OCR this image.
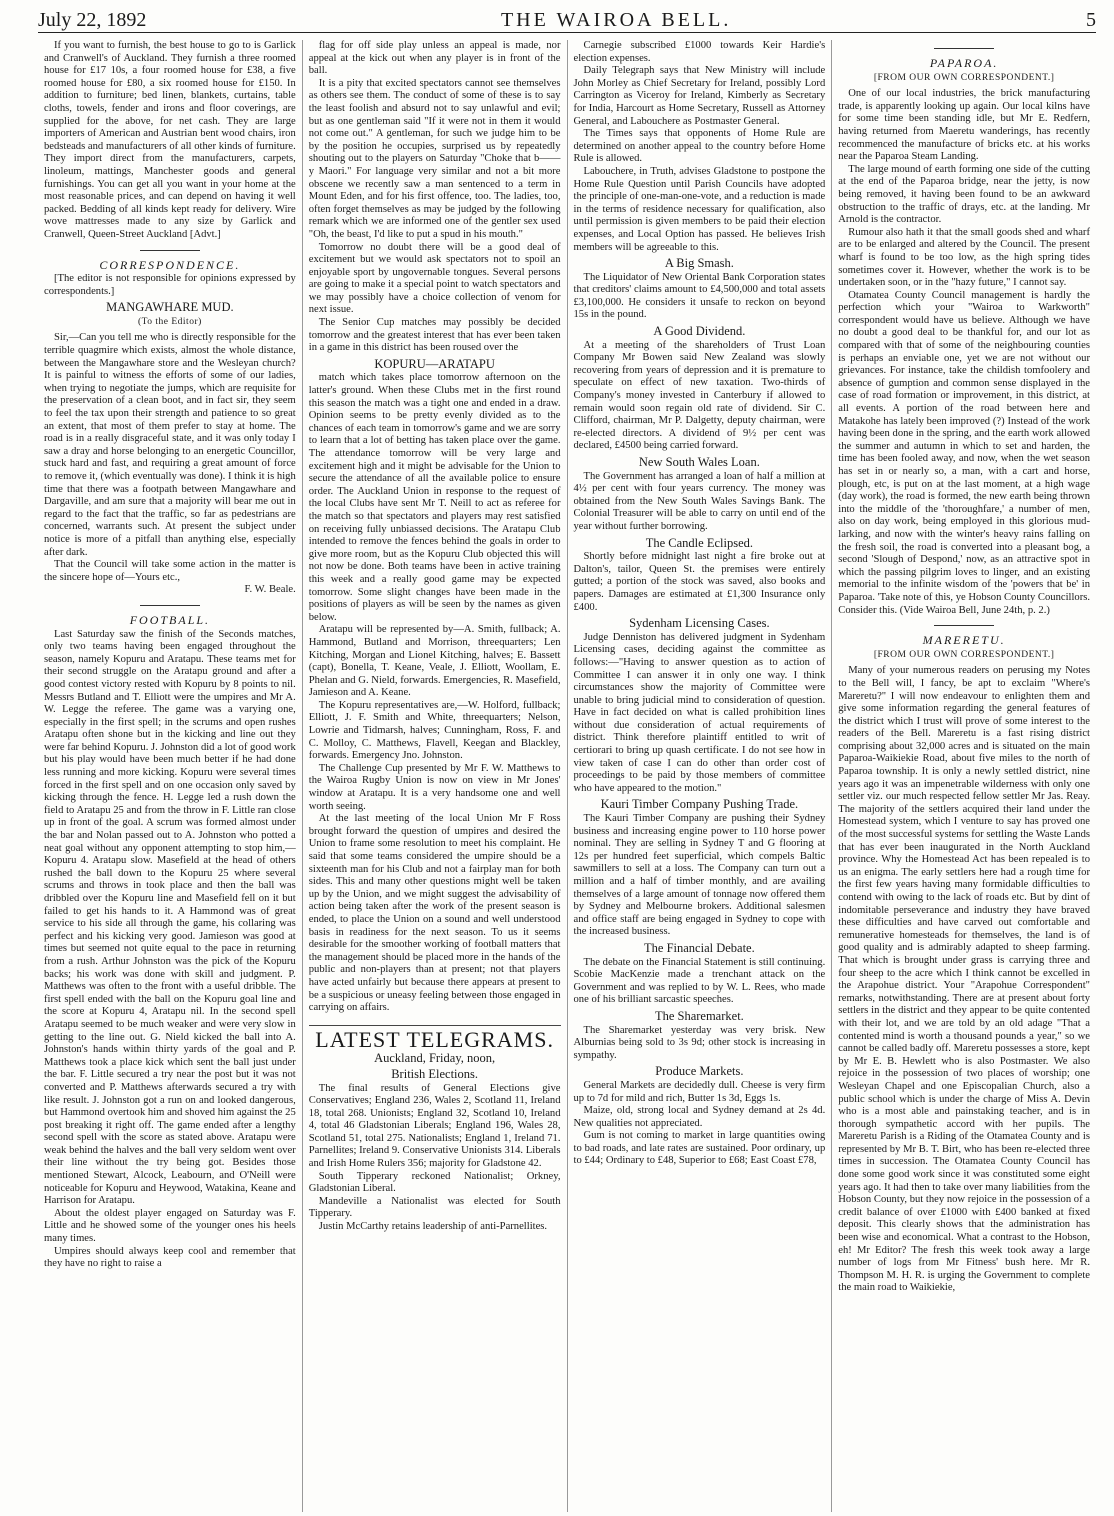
July 22, 1892	THE WAIROA BELL.	5
If you want to furnish, the best house to go to is Garlick and Cranwell's of Auckland. They furnish a three roomed house for £17 10s, a four roomed house for £38, a five roomed house for £80, a six roomed house for £150. In addition to furniture; bed linen, blankets, curtains, table cloths, towels, fender and irons and floor coverings, are supplied for the above, for net cash. They are large importers of American and Austrian bent wood chairs, iron bedsteads and manufacturers of all other kinds of furniture. They import direct from the manufacturers, carpets, linoleum, mattings, Manchester goods and general furnishings. You can get all you want in your home at the most reasonable prices, and can depend on having it well packed. Bedding of all kinds kept ready for delivery. Wire wove mattresses made to any size by Garlick and Cranwell, Queen-Street Auckland [Advt.]
CORRESPONDENCE.
[The editor is not responsible for opinions expressed by correspondents.]
MANGAWHARE MUD.
(To the Editor)
Sir,—Can you tell me who is directly responsible for the terrible quagmire which exists, almost the whole distance, between the Mangawhare store and the Wesleyan church? It is painful to witness the efforts of some of our ladies, when trying to negotiate the jumps, which are requisite for the preservation of a clean boot, and in fact sir, they seem to feel the tax upon their strength and patience to so great an extent, that most of them prefer to stay at home. The road is in a really disgraceful state, and it was only today I saw a dray and horse belonging to an energetic Councillor, stuck hard and fast, and requiring a great amount of force to remove it, (which eventually was done). I think it is high time that there was a footpath between Mangawhare and Dargaville, and am sure that a majority will bear me out in regard to the fact that the traffic, so far as pedestrians are concerned, warrants such. At present the subject under notice is more of a pitfall than anything else, especially after dark.
That the Council will take some action in the matter is the sincere hope of—Yours etc.,
F. W. Beale.
FOOTBALL.
Last Saturday saw the finish of the Seconds matches, only two teams having been engaged throughout the season, namely Kopuru and Aratapu. These teams met for their second struggle on the Aratapu ground and after a good contest victory rested with Kopuru by 8 points to nil. Messrs Butland and T. Elliott were the umpires and Mr A. W. Legge the referee. The game was a varying one, especially in the first spell; in the scrums and open rushes Aratapu often shone but in the kicking and line out they were far behind Kopuru. J. Johnston did a lot of good work but his play would have been much better if he had done less running and more kicking. Kopuru were several times forced in the first spell and on one occasion only saved by kicking through the fence. H. Legge led a rush down the field to Aratapu 25 and from the throw in F. Little ran close up in front of the goal. A scrum was formed almost under the bar and Nolan passed out to A. Johnston who potted a neat goal without any opponent attempting to stop him,—Kopuru 4. Aratapu slow. Masefield at the head of others rushed the ball down to the Kopuru 25 where several scrums and throws in took place and then the ball was dribbled over the Kopuru line and Masefield fell on it but failed to get his hands to it. A Hammond was of great service to his side all through the game, his collaring was perfect and his kicking very good. Jamieson was good at times but seemed not quite equal to the pace in returning from a rush. Arthur Johnston was the pick of the Kopuru backs; his work was done with skill and judgment. P. Matthews was often to the front with a useful dribble. The first spell ended with the ball on the Kopuru goal line and the score at Kopuru 4, Aratapu nil. In the second spell Aratapu seemed to be much weaker and were very slow in getting to the line out. G. Nield kicked the ball into A. Johnston's hands within thirty yards of the goal and P. Matthews took a place kick which sent the ball just under the bar. F. Little secured a try near the post but it was not converted and P. Matthews afterwards secured a try with like result. J. Johnston got a run on and looked dangerous, but Hammond overtook him and shoved him against the 25 post breaking it right off. The game ended after a lengthy second spell with the score as stated above. Aratapu were weak behind the halves and the ball very seldom went over their line without the try being got. Besides those mentioned Stewart, Alcock, Leabourn, and O'Neill were noticeable for Kopuru and Heywood, Watakina, Keane and Harrison for Aratapu.
About the oldest player engaged on Saturday was F. Little and he showed some of the younger ones his heels many times.
Umpires should always keep cool and remember that they have no right to raise a
flag for off side play unless an appeal is made, nor appeal at the kick out when any player is in front of the ball.
It is a pity that excited spectators cannot see themselves as others see them. The conduct of some of these is to say the least foolish and absurd not to say unlawful and evil; but as one gentleman said "If it were not in them it would not come out." A gentleman, for such we judge him to be by the position he occupies, surprised us by repeatedly shouting out to the players on Saturday "Choke that b——y Maori." For language very similar and not a bit more obscene we recently saw a man sentenced to a term in Mount Eden, and for his first offence, too. The ladies, too, often forget themselves as may be judged by the following remark which we are informed one of the gentler sex used "Oh, the beast, I'd like to put a spud in his mouth."
Tomorrow no doubt there will be a good deal of excitement but we would ask spectators not to spoil an enjoyable sport by ungovernable tongues. Several persons are going to make it a special point to watch spectators and we may possibly have a choice collection of venom for next issue.
The Senior Cup matches may possibly be decided tomorrow and the greatest interest that has ever been taken in a game in this district has been roused over the
KOPURU—ARATAPU
match which takes place tomorrow afternoon on the latter's ground. When these Clubs met in the first round this season the match was a tight one and ended in a draw. Opinion seems to be pretty evenly divided as to the chances of each team in tomorrow's game and we are sorry to learn that a lot of betting has taken place over the game. The attendance tomorrow will be very large and excitement high and it might be advisable for the Union to secure the attendance of all the available police to ensure order. The Auckland Union in response to the request of the local Clubs have sent Mr T. Neill to act as referee for the match so that spectators and players may rest satisfied on receiving fully unbiassed decisions. The Aratapu Club intended to remove the fences behind the goals in order to give more room, but as the Kopuru Club objected this will not now be done. Both teams have been in active training this week and a really good game may be expected tomorrow. Some slight changes have been made in the positions of players as will be seen by the names as given below.
Aratapu will be represented by—A. Smith, fullback; A. Hammond, Butland and Morrison, threequarters; Len Kitching, Morgan and Lionel Kitching, halves; E. Bassett (capt), Bonella, T. Keane, Veale, J. Elliott, Woollam, E. Phelan and G. Nield, forwards. Emergencies, R. Masefield, Jamieson and A. Keane.
The Kopuru representatives are,—W. Holford, fullback; Elliott, J. F. Smith and White, threequarters; Nelson, Lowrie and Tidmarsh, halves; Cunningham, Ross, F. and C. Molloy, C. Matthews, Flavell, Keegan and Blackley, forwards. Emergency Jno. Johnston.
The Challenge Cup presented by Mr F. W. Matthews to the Wairoa Rugby Union is now on view in Mr Jones' window at Aratapu. It is a very handsome one and well worth seeing.
At the last meeting of the local Union Mr F Ross brought forward the question of umpires and desired the Union to frame some resolution to meet his complaint. He said that some teams considered the umpire should be a sixteenth man for his Club and not a fairplay man for both sides. This and many other questions might well be taken up by the Union, and we might suggest the advisability of action being taken after the work of the present season is ended, to place the Union on a sound and well understood basis in readiness for the next season. To us it seems desirable for the smoother working of football matters that the management should be placed more in the hands of the public and non-players than at present; not that players have acted unfairly but because there appears at present to be a suspicious or uneasy feeling between those engaged in carrying on affairs.
LATEST TELEGRAMS.
Auckland, Friday, noon,
British Elections.
The final results of General Elections give Conservatives; England 236, Wales 2, Scotland 11, Ireland 18, total 268. Unionists; England 32, Scotland 10, Ireland 4, total 46 Gladstonian Liberals; England 196, Wales 28, Scotland 51, total 275. Nationalists; England 1, Ireland 71. Parnellites; Ireland 9. Conservative Unionists 314. Liberals and Irish Home Rulers 356; majority for Gladstone 42.
South Tipperary reckoned Nationalist; Orkney, Gladstonian Liberal.
Mandeville a Nationalist was elected for South Tipperary.
Justin McCarthy retains leadership of anti-Parnellites.
Carnegie subscribed £1000 towards Keir Hardie's election expenses.
Daily Telegraph says that New Ministry will include John Morley as Chief Secretary for Ireland, possibly Lord Carrington as Viceroy for Ireland, Kimberly as Secretary for India, Harcourt as Home Secretary, Russell as Attorney General, and Labouchere as Postmaster General.
The Times says that opponents of Home Rule are determined on another appeal to the country before Home Rule is allowed.
Labouchere, in Truth, advises Gladstone to postpone the Home Rule Question until Parish Councils have adopted the principle of one-man-one-vote, and a reduction is made in the terms of residence necessary for qualification, also until permission is given members to be paid their election expenses, and Local Option has passed. He believes Irish members will be agreeable to this.
A Big Smash.
The Liquidator of New Oriental Bank Corporation states that creditors' claims amount to £4,500,000 and total assets £3,100,000. He considers it unsafe to reckon on beyond 15s in the pound.
A Good Dividend.
At a meeting of the shareholders of Trust Loan Company Mr Bowen said New Zealand was slowly recovering from years of depression and it is premature to speculate on effect of new taxation. Two-thirds of Company's money invested in Canterbury if allowed to remain would soon regain old rate of dividend. Sir C. Clifford, chairman, Mr P. Dalgetty, deputy chairman, were re-elected directors. A dividend of 9½ per cent was declared, £4500 being carried forward.
New South Wales Loan.
The Government has arranged a loan of half a million at 4½ per cent with four years currency. The money was obtained from the New South Wales Savings Bank. The Colonial Treasurer will be able to carry on until end of the year without further borrowing.
The Candle Eclipsed.
Shortly before midnight last night a fire broke out at Dalton's, tailor, Queen St. the premises were entirely gutted; a portion of the stock was saved, also books and papers. Damages are estimated at £1,300 Insurance only £400.
Sydenham Licensing Cases.
Judge Denniston has delivered judgment in Sydenham Licensing cases, deciding against the committee as follows:—"Having to answer question as to action of Committee I can answer it in only one way. I think circumstances show the majority of Committee were unable to bring judicial mind to consideration of question. Have in fact decided on what is called prohibition lines without due consideration of actual requirements of district. Think therefore plaintiff entitled to writ of certiorari to bring up quash certificate. I do not see how in view taken of case I can do other than order cost of proceedings to be paid by those members of committee who have appeared to the motion."
Kauri Timber Company Pushing Trade.
The Kauri Timber Company are pushing their Sydney business and increasing engine power to 110 horse power nominal. They are selling in Sydney T and G flooring at 12s per hundred feet superficial, which compels Baltic sawmillers to sell at a loss. The Company can turn out a million and a half of timber monthly, and are availing themselves of a large amount of tonnage now offered them by Sydney and Melbourne brokers. Additional salesmen and office staff are being engaged in Sydney to cope with the increased business.
The Financial Debate.
The debate on the Financial Statement is still continuing. Scobie MacKenzie made a trenchant attack on the Government and was replied to by W. L. Rees, who made one of his brilliant sarcastic speeches.
The Sharemarket.
The Sharemarket yesterday was very brisk. New Alburnias being sold to 3s 9d; other stock is increasing in sympathy.
Produce Markets.
General Markets are decidedly dull. Cheese is very firm up to 7d for mild and rich, Butter 1s 3d, Eggs 1s.
Maize, old, strong local and Sydney demand at 2s 4d. New qualities not appreciated.
Gum is not coming to market in large quantities owing to bad roads, and late rates are sustained. Poor ordinary, up to £44; Ordinary to £48, Superior to £68; East Coast £78,
PAPAROA.
[FROM OUR OWN CORRESPONDENT.]
One of our local industries, the brick manufacturing trade, is apparently looking up again. Our local kilns have for some time been standing idle, but Mr E. Redfern, having returned from Maeretu wanderings, has recently recommenced the manufacture of bricks etc. at his works near the Paparoa Steam Landing.
The large mound of earth forming one side of the cutting at the end of the Paparoa bridge, near the jetty, is now being removed, it having been found to be an awkward obstruction to the traffic of drays, etc. at the landing. Mr Arnold is the contractor.
Rumour also hath it that the small goods shed and wharf are to be enlarged and altered by the Council. The present wharf is found to be too low, as the high spring tides sometimes cover it. However, whether the work is to be undertaken soon, or in the "hazy future," I cannot say.
Otamatea County Council management is hardly the perfection which your "Wairoa to Warkworth" correspondent would have us believe. Although we have no doubt a good deal to be thankful for, and our lot as compared with that of some of the neighbouring counties is perhaps an enviable one, yet we are not without our grievances. For instance, take the childish tomfoolery and absence of gumption and common sense displayed in the case of road formation or improvement, in this district, at all events. A portion of the road between here and Matakohe has lately been improved (?) Instead of the work having been done in the spring, and the earth work allowed the summer and autumn in which to set and harden, the time has been fooled away, and now, when the wet season has set in or nearly so, a man, with a cart and horse, plough, etc, is put on at the last moment, at a high wage (day work), the road is formed, the new earth being thrown into the middle of the 'thoroughfare,' a number of men, also on day work, being employed in this glorious mud-larking, and now with the winter's heavy rains falling on the fresh soil, the road is converted into a pleasant bog, a second 'Slough of Despond,' now, as an attractive spot in which the passing pilgrim loves to linger, and an existing memorial to the infinite wisdom of the 'powers that be' in Paparoa. 'Take note of this, ye Hobson County Councillors. Consider this. (Vide Wairoa Bell, June 24th, p. 2.)
MARERETU.
[FROM OUR OWN CORRESPONDENT.]
Many of your numerous readers on perusing my Notes to the Bell will, I fancy, be apt to exclaim "Where's Mareretu?" I will now endeavour to enlighten them and give some information regarding the general features of the district which I trust will prove of some interest to the readers of the Bell. Mareretu is a fast rising district comprising about 32,000 acres and is situated on the main Paparoa-Waikiekie Road, about five miles to the north of Paparoa township. It is only a newly settled district, nine years ago it was an impenetrable wilderness with only one settler viz. our much respected fellow settler Mr Jas. Reay. The majority of the settlers acquired their land under the Homestead system, which I venture to say has proved one of the most successful systems for settling the Waste Lands that has ever been inaugurated in the North Auckland province. Why the Homestead Act has been repealed is to us an enigma. The early settlers here had a rough time for the first few years having many formidable difficulties to contend with owing to the lack of roads etc. But by dint of indomitable perseverance and industry they have braved these difficulties and have carved out comfortable and remunerative homesteads for themselves, the land is of good quality and is admirably adapted to sheep farming. That which is brought under grass is carrying three and four sheep to the acre which I think cannot be excelled in the Arapohue district. Your "Arapohue Correspondent" remarks, notwithstanding. There are at present about forty settlers in the district and they appear to be quite contented with their lot, and we are told by an old adage "That a contented mind is worth a thousand pounds a year," so we cannot be called badly off. Mareretu possesses a store, kept by Mr E. B. Hewlett who is also Postmaster. We also rejoice in the possession of two places of worship; one Wesleyan Chapel and one Episcopalian Church, also a public school which is under the charge of Miss A. Devin who is a most able and painstaking teacher, and is in thorough sympathetic accord with her pupils. The Mareretu Parish is a Riding of the Otamatea County and is represented by Mr B. T. Birt, who has been re-elected three times in succession. The Otamatea County Council has done some good work since it was constituted some eight years ago. It had then to take over many liabilities from the Hobson County, but they now rejoice in the possession of a credit balance of over £1000 with £400 banked at fixed deposit. This clearly shows that the administration has been wise and economical. What a contrast to the Hobson, eh! Mr Editor? The fresh this week took away a large number of logs from Mr Fitness' bush here. Mr R. Thompson M. H. R. is urging the Government to complete the main road to Waikiekie,
